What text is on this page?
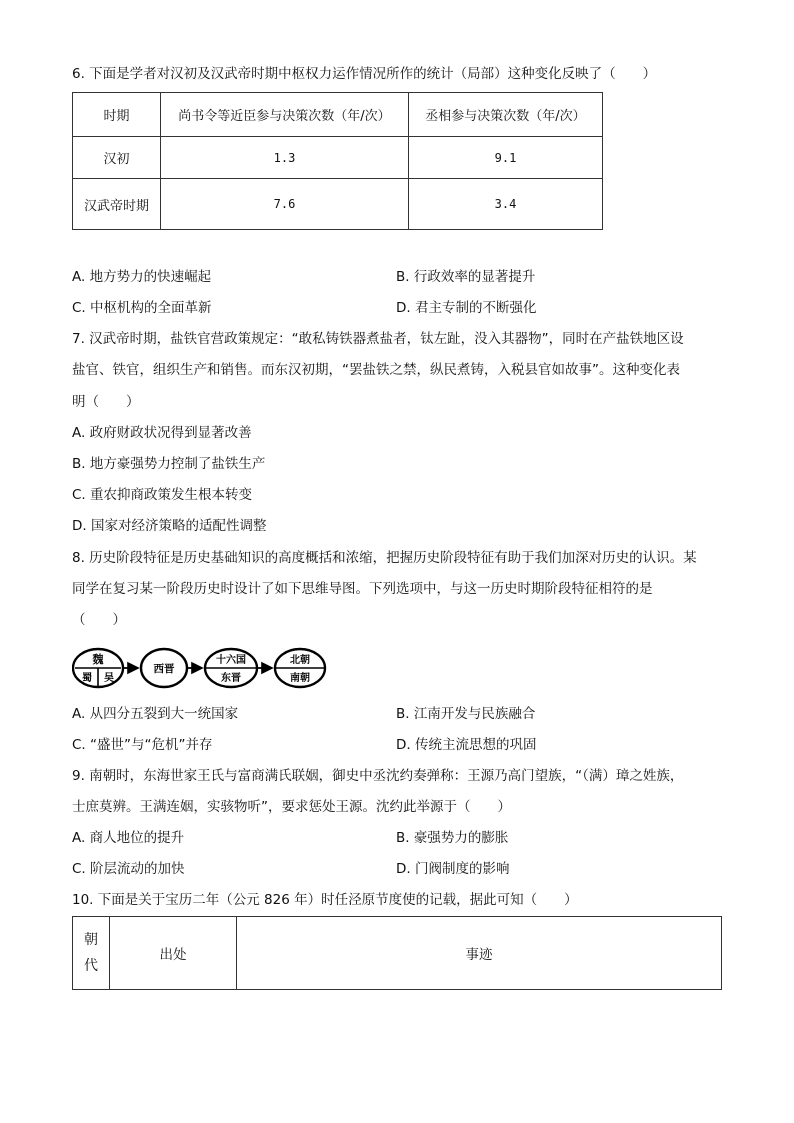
6. 下面是学者对汉初及汉武帝时期中枢权力运作情况所作的统计（局部）这种变化反映了（　　）
时期	尚书令等近臣参与决策次数（年/次）	丞相参与决策次数（年/次）
汉初	1.3	9.1
汉武帝时期	7.6	3.4
A. 地方势力的快速崛起	B. 行政效率的显著提升
C. 中枢机构的全面革新	D. 君主专制的不断强化
7. 汉武帝时期，盐铁官营政策规定：“敢私铸铁器煮盐者，钛左趾，没入其器物”，同时在产盐铁地区设
盐官、铁官，组织生产和销售。而东汉初期，“罢盐铁之禁，纵民煮铸，入税县官如故事”。这种变化表
明（　　）
A. 政府财政状况得到显著改善
B. 地方豪强势力控制了盐铁生产
C. 重农抑商政策发生根本转变
D. 国家对经济策略的适配性调整
8. 历史阶段特征是历史基础知识的高度概括和浓缩，把握历史阶段特征有助于我们加深对历史的认识。某
同学在复习某一阶段历史时设计了如下思维导图。下列选项中，与这一历史时期阶段特征相符的是
（　　）
魏
蜀 吴
西晋
十六国
东晋
北朝
南朝
A. 从四分五裂到大一统国家	B. 江南开发与民族融合
C. “盛世”与“危机”并存	D. 传统主流思想的巩固
9. 南朝时，东海世家王氏与富商满氏联姻，御史中丞沈约奏弹称：王源乃高门望族，“（满）璋之姓族，
士庶莫辨。王满连姻，实骇物听”，要求惩处王源。沈约此举源于（　　）
A. 商人地位的提升	B. 豪强势力的膨胀
C. 阶层流动的加快	D. 门阀制度的影响
10. 下面是关于宝历二年（公元 826 年）时任泾原节度使的记载，据此可知（　　）
朝
代
	出处	事迹
